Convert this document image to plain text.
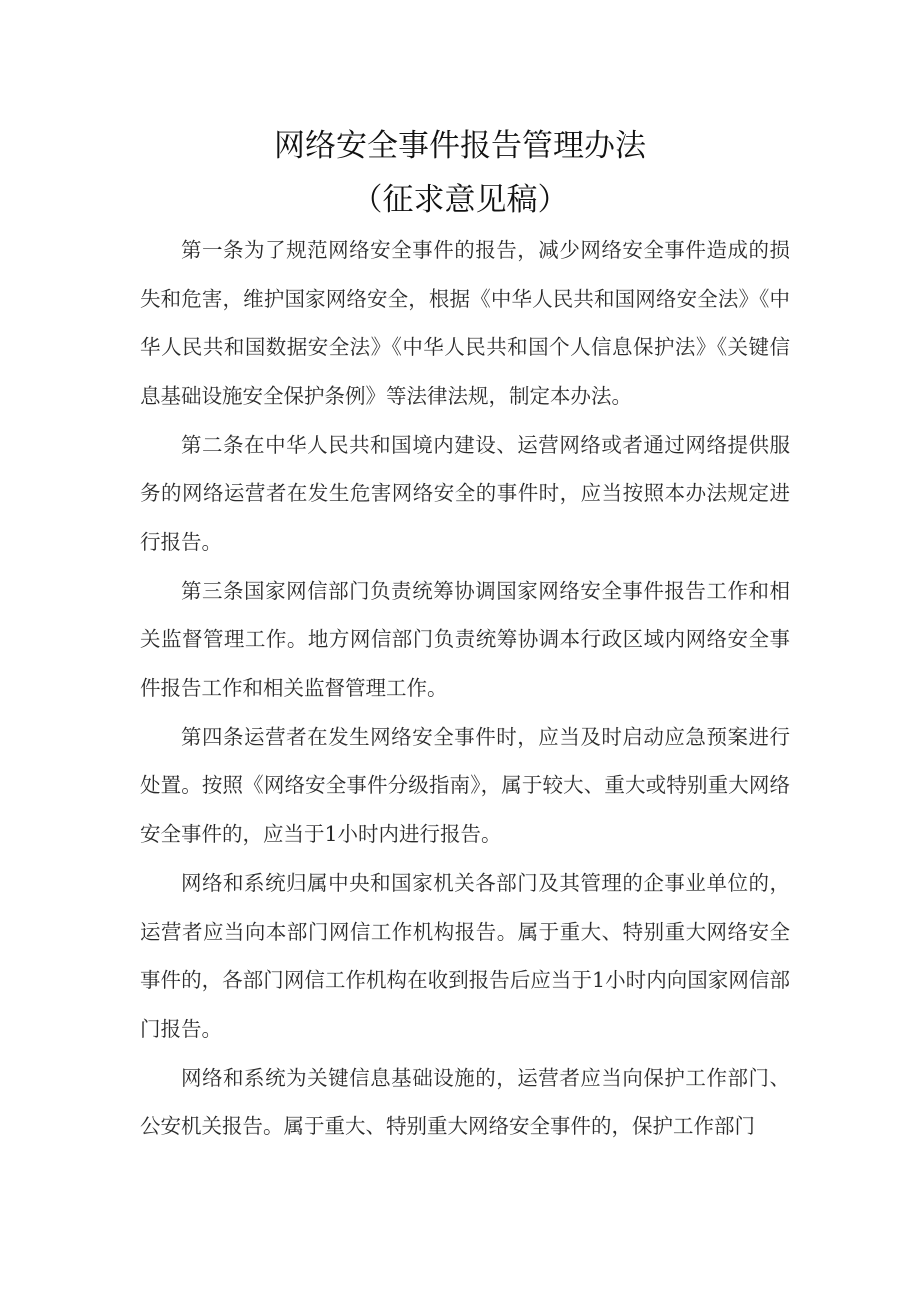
网络安全事件报告管理办法
（征求意见稿）

第一条为了规范网络安全事件的报告，减少网络安全事件造成的损失和危害，维护国家网络安全，根据《中华人民共和国网络安全法》《中华人民共和国数据安全法》《中华人民共和国个人信息保护法》《关键信息基础设施安全保护条例》等法律法规，制定本办法。

第二条在中华人民共和国境内建设、运营网络或者通过网络提供服务的网络运营者在发生危害网络安全的事件时，应当按照本办法规定进行报告。

第三条国家网信部门负责统筹协调国家网络安全事件报告工作和相关监督管理工作。地方网信部门负责统筹协调本行政区域内网络安全事件报告工作和相关监督管理工作。

第四条运营者在发生网络安全事件时，应当及时启动应急预案进行处置。按照《网络安全事件分级指南》，属于较大、重大或特别重大网络安全事件的，应当于1小时内进行报告。

网络和系统归属中央和国家机关各部门及其管理的企事业单位的，运营者应当向本部门网信工作机构报告。属于重大、特别重大网络安全事件的，各部门网信工作机构在收到报告后应当于1小时内向国家网信部门报告。

网络和系统为关键信息基础设施的，运营者应当向保护工作部门、公安机关报告。属于重大、特别重大网络安全事件的，保护工作部门
